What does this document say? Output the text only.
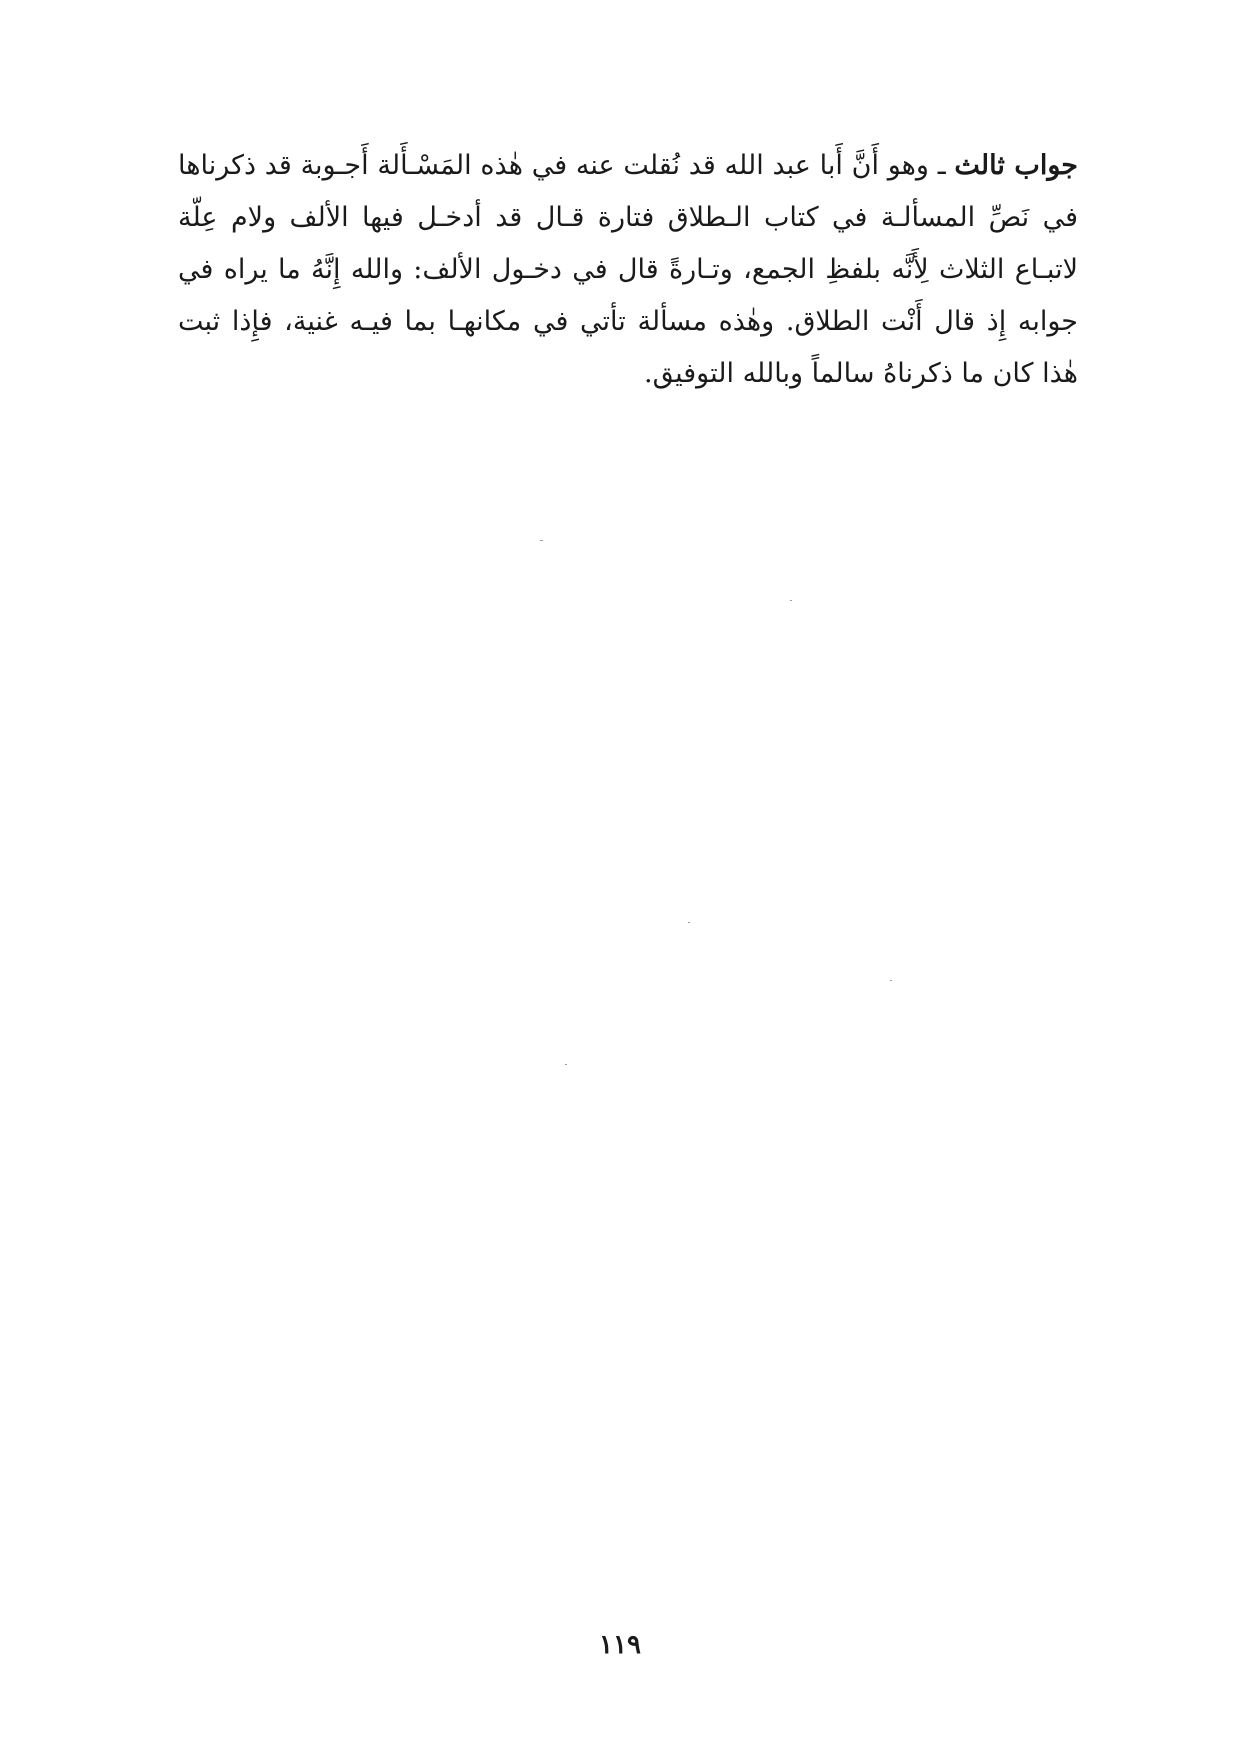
جواب ثالث ـ وهو أَنَّ أَبا عبد الله قد نُقلت عنه في هٰذه المَسْـأَلة أَجـوبة قد ذكرناها في نَصِّ المسألـة في كتاب الـطلاق فتارة قـال قد أدخـل فيها الألف ولام عِلّة لاتبـاع الثلاث لِأَنَّه بلفظِ الجمع، وتـارةً قال في دخـول الألف: والله إِنَّهُ ما يراه في جوابه إِذ قال أَنْت الطلاق. وهٰذه مسألة تأتي في مكانهـا بما فيـه غنية، فإِذا ثبت هٰذا كان ما ذكرناهُ سالماً وبالله التوفيق.

١١٩
